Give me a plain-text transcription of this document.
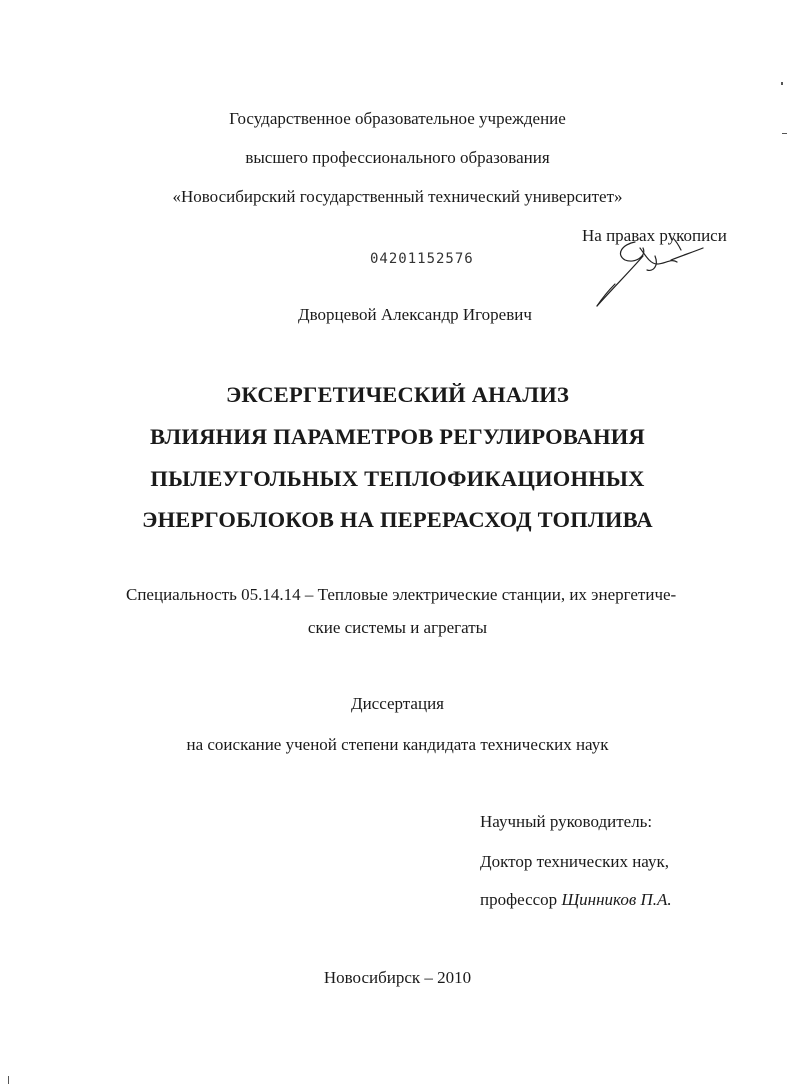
Государственное образовательное учреждение
высшего профессионального образования
«Новосибирский государственный технический университет»
На правах рукописи
04201152576
Дворцевой Александр Игоревич
ЭКСЕРГЕТИЧЕСКИЙ АНАЛИЗ
ВЛИЯНИЯ ПАРАМЕТРОВ РЕГУЛИРОВАНИЯ
ПЫЛЕУГОЛЬНЫХ ТЕПЛОФИКАЦИОННЫХ
ЭНЕРГОБЛОКОВ НА ПЕРЕРАСХОД ТОПЛИВА
Специальность 05.14.14 – Тепловые электрические станции, их энергетиче-
ские системы и агрегаты
Диссертация
на соискание ученой степени кандидата технических наук
Научный руководитель:
Доктор технических наук,
профессор Щинников П.А.
Новосибирск – 2010
